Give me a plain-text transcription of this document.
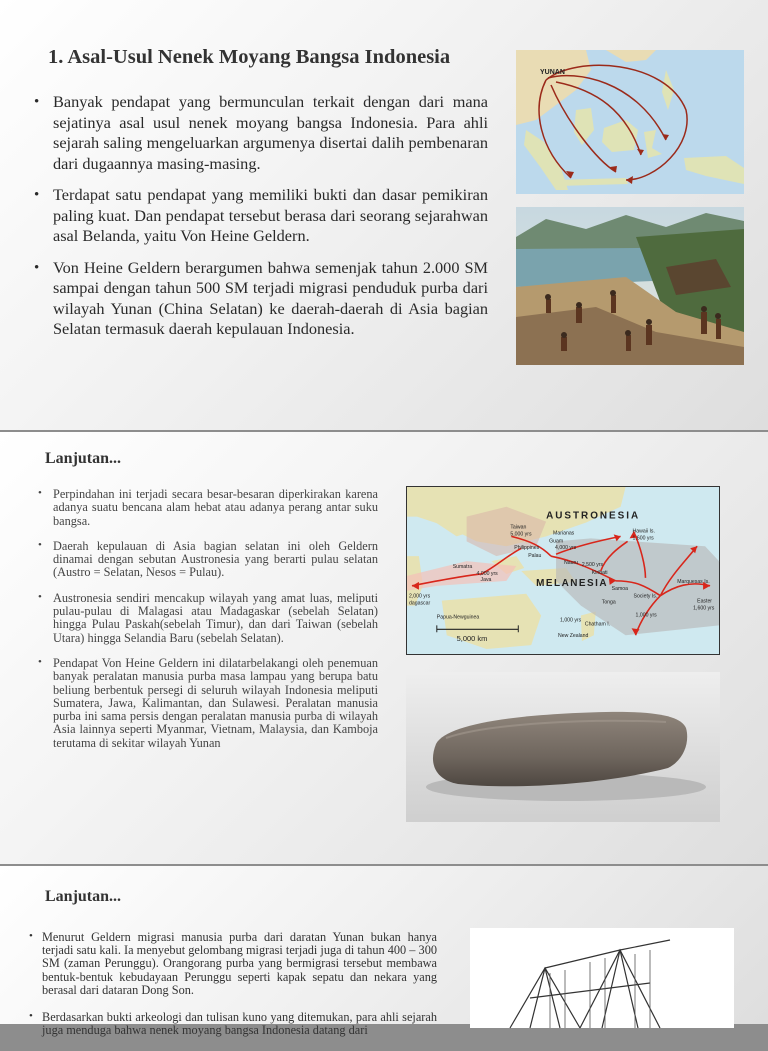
1. Asal-Usul Nenek Moyang Bangsa Indonesia
• Banyak pendapat yang bermunculan terkait dengan dari mana sejatinya asal usul nenek moyang bangsa Indonesia. Para ahli sejarah saling mengeluarkan argumenya disertai dalih pembenaran dari dugaannya masing-masing.
• Terdapat satu pendapat yang memiliki bukti dan dasar pemikiran paling kuat. Dan pendapat tersebut berasa dari seorang sejarahwan asal Belanda, yaitu Von Heine Geldern.
• Von Heine Geldern berargumen bahwa semenjak tahun 2.000 SM sampai dengan tahun 500 SM terjadi migrasi penduduk purba dari wilayah Yunan (China Selatan) ke daerah-daerah di Asia bagian Selatan termasuk daerah kepulauan Indonesia.
YUNAN
Lanjutan...
• Perpindahan ini terjadi secara besar-besaran diperkirakan karena adanya suatu bencana alam hebat atau adanya perang antar suku bangsa.
• Daerah kepulauan di Asia bagian selatan ini oleh Geldern dinamai dengan sebutan Austronesia yang berarti pulau selatan (Austro = Selatan, Nesos = Pulau).
• Austronesia sendiri mencakup wilayah yang amat luas, meliputi pulau-pulau di Malagasi atau Madagaskar (sebelah Selatan) hingga Pulau Paskah(sebelah Timur), dan dari Taiwan (sebelah Utara) hingga Selandia Baru (sebelah Selatan).
• Pendapat Von Heine Geldern ini dilatarbelakangi oleh penemuan banyak peralatan manusia purba masa lampau yang berupa batu beliung berbentuk persegi di seluruh wilayah Indonesia meliputi Sumatera, Jawa, Kalimantan, dan Sulawesi. Peralatan manusia purba ini sama persis dengan peralatan manusia purba di wilayah Asia lainnya seperti Myanmar, Vietnam, Malaysia, dan Kamboja terutama di sekitar wilayah Yunan
AUSTRONESIA
MELANESIA
5,000 km
Taiwan
5,000 yrs
Philippines
Marianas
Guam
4,000 yrs
Palau
Hawaii Is.
1,600 yrs
Sumatra
4,000 yrs
Java
Nauru 2,500 yrs
Kiribati
Samoa
Tonga
Society Is.
1,000 yrs
Marquesas Is.
Easter
1,600 yrs
dagascar
2,000 yrs
Papua-Newguinea
Chatham I.
New Zealand
1,000 yrs
Lanjutan...
• Menurut Geldern migrasi manusia purba dari daratan Yunan bukan hanya terjadi satu kali. Ia menyebut gelombang migrasi terjadi juga di tahun 400 – 300 SM (zaman Perunggu). Orangorang purba yang bermigrasi tersebut membawa bentuk-bentuk kebudayaan Perunggu seperti kapak sepatu dan nekara yang berasal dari dataran Dong Son.
• Berdasarkan bukti arkeologi dan tulisan kuno yang ditemukan, para ahli sejarah juga menduga bahwa nenek moyang bangsa Indonesia datang dari
